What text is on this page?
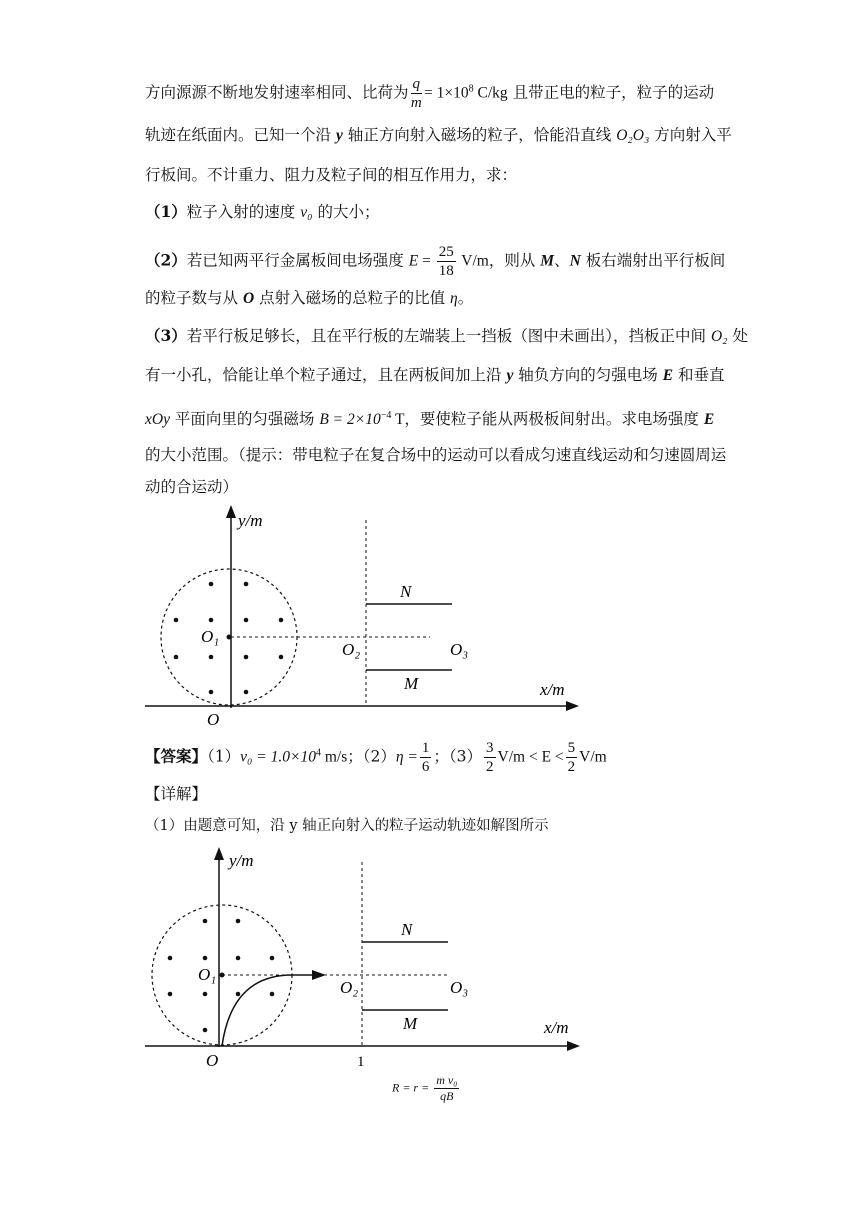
方向源源不断地发射速率相同、比荷为 $\frac{q}{m} = 1\times 10^8$ C/kg 且带正电的粒子，粒子的运动
轨迹在纸面内。已知一个沿 y 轴正方向射入磁场的粒子，恰能沿直线 O₂O₃ 方向射入平
行板间。不计重力、阻力及粒子间的相互作用力，求：
（1）粒子入射的速度 v₀ 的大小；
（2）若已知两平行金属板间电场强度 $E = \frac{25}{18} V/m$，则从 M、N 板右端射出平行板间
的粒子数与从 O 点射入磁场的总粒子的比值 η。
（3）若平行板足够长，且在平行板的左端装上一挡板（图中未画出），挡板正中间 O₂ 处
有一小孔，恰能让单个粒子通过，且在两板间加上沿 y 轴负方向的匀强电场 E 和垂直
xOy 平面向里的匀强磁场 $B = 2\times 10^{-4}$ T，要使粒子能从两极板间射出。求电场强度 E
的大小范围。（提示：带电粒子在复合场中的运动可以看成匀速直线运动和匀速圆周运
动的合运动）
y/m
x/m
O
O₁
O₂	O₃
N
M
y/m
x/m
O	1
O₁
O₂	O₃
N
M
【答案】$(1)v_0 = 1.0\times 10^4$ m/s；$(2)\eta = \frac{1}{6}$ ；$(3) \frac{3}{2} V/m < E < \frac{5}{2} V/m$
【详解】
（1）由题意可知，沿 y 轴正向射入的粒子运动轨迹如解图所示
$R = r = \frac{\text{m v₀}}{qB}$
